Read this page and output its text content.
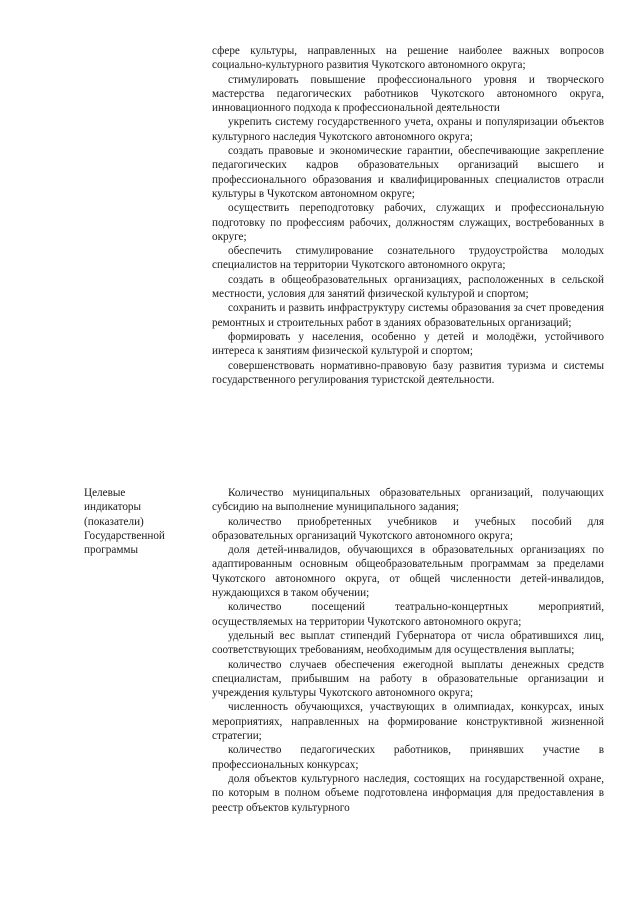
сфере культуры, направленных на решение наиболее важных вопросов социально-культурного развития Чукотского автономного округа;

стимулировать повышение профессионального уровня и творческого мастерства педагогических работников Чукотского автономного округа, инновационного подхода к профессиональной деятельности

укрепить систему государственного учета, охраны и популяризации объектов культурного наследия Чукотского автономного округа;

создать правовые и экономические гарантии, обеспечивающие закрепление педагогических кадров образовательных организаций высшего и профессионального образования и квалифицированных специалистов отрасли культуры в Чукотском автономном округе;

осуществить переподготовку рабочих, служащих и профессиональную подготовку по профессиям рабочих, должностям служащих, востребованных в округе;

обеспечить стимулирование сознательного трудоустройства молодых специалистов на территории Чукотского автономного округа;

создать в общеобразовательных организациях, расположенных в сельской местности, условия для занятий физической культурой и спортом;

сохранить и развить инфраструктуру системы образования за счет проведения ремонтных и строительных работ в зданиях образовательных организаций;

формировать у населения, особенно у детей и молодёжи, устойчивого интереса к занятиям физической культурой и спортом;

совершенствовать нормативно-правовую базу развития туризма и системы государственного регулирования туристской деятельности.

Целевые

индикаторы

(показатели)

Государственной

программы

Количество муниципальных образовательных организаций, получающих субсидию на выполнение муниципального задания;

количество приобретенных учебников и учебных пособий для образовательных организаций Чукотского автономного округа;

доля детей-инвалидов, обучающихся в образовательных организациях по адаптированным основным общеобразовательным программам за пределами Чукотского автономного округа, от общей численности детей-инвалидов, нуждающихся в таком обучении;

количество посещений театрально-концертных мероприятий, осуществляемых на территории Чукотского автономного округа;

удельный вес выплат стипендий Губернатора от числа обратившихся лиц, соответствующих требованиям, необходимым для осуществления выплаты;

количество случаев обеспечения ежегодной выплаты денежных средств специалистам, прибывшим на работу в образовательные организации и учреждения культуры Чукотского автономного округа;

численность обучающихся, участвующих в олимпиадах, конкурсах, иных мероприятиях, направленных на формирование конструктивной жизненной стратегии;

количество педагогических работников, принявших участие в профессиональных конкурсах;

доля объектов культурного наследия, состоящих на государственной охране, по которым в полном объеме подготовлена информация для предоставления в реестр объектов культурного
